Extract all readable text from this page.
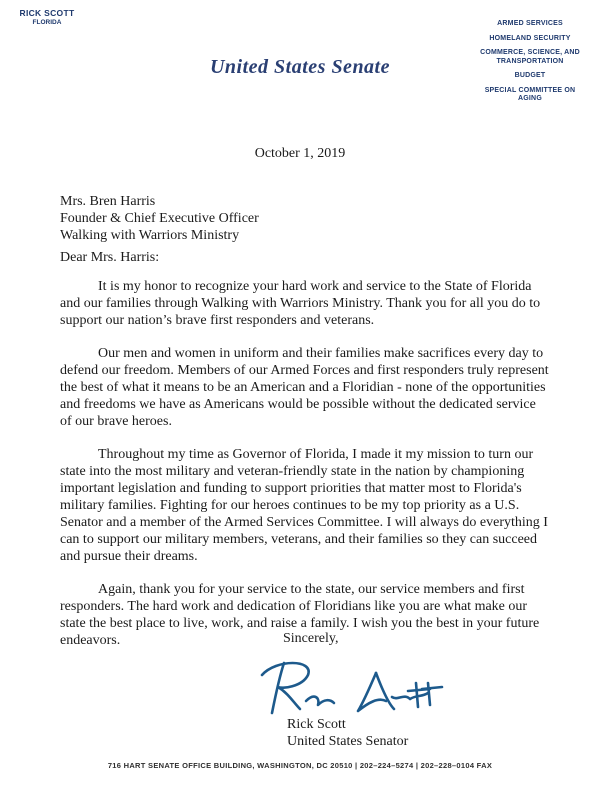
RICK SCOTT
FLORIDA
United States Senate
ARMED SERVICES
HOMELAND SECURITY
COMMERCE, SCIENCE, AND TRANSPORTATION
BUDGET
SPECIAL COMMITTEE ON AGING
October 1, 2019
Mrs. Bren Harris
Founder & Chief Executive Officer
Walking with Warriors Ministry
Dear Mrs. Harris:

It is my honor to recognize your hard work and service to the State of Florida and our families through Walking with Warriors Ministry. Thank you for all you do to support our nation’s brave first responders and veterans.

Our men and women in uniform and their families make sacrifices every day to defend our freedom. Members of our Armed Forces and first responders truly represent the best of what it means to be an American and a Floridian - none of the opportunities and freedoms we have as Americans would be possible without the dedicated service of our brave heroes.

Throughout my time as Governor of Florida, I made it my mission to turn our state into the most military and veteran-friendly state in the nation by championing important legislation and funding to support priorities that matter most to Florida's military families. Fighting for our heroes continues to be my top priority as a U.S. Senator and a member of the Armed Services Committee. I will always do everything I can to support our military members, veterans, and their families so they can succeed and pursue their dreams.

Again, thank you for your service to the state, our service members and first responders. The hard work and dedication of Floridians like you are what make our state the best place to live, work, and raise a family. I wish you the best in your future endeavors.	Sincerely,
Rick Scott
United States Senator
716 HART SENATE OFFICE BUILDING, WASHINGTON, DC 20510 | 202–224–5274 | 202–228–0104 FAX
